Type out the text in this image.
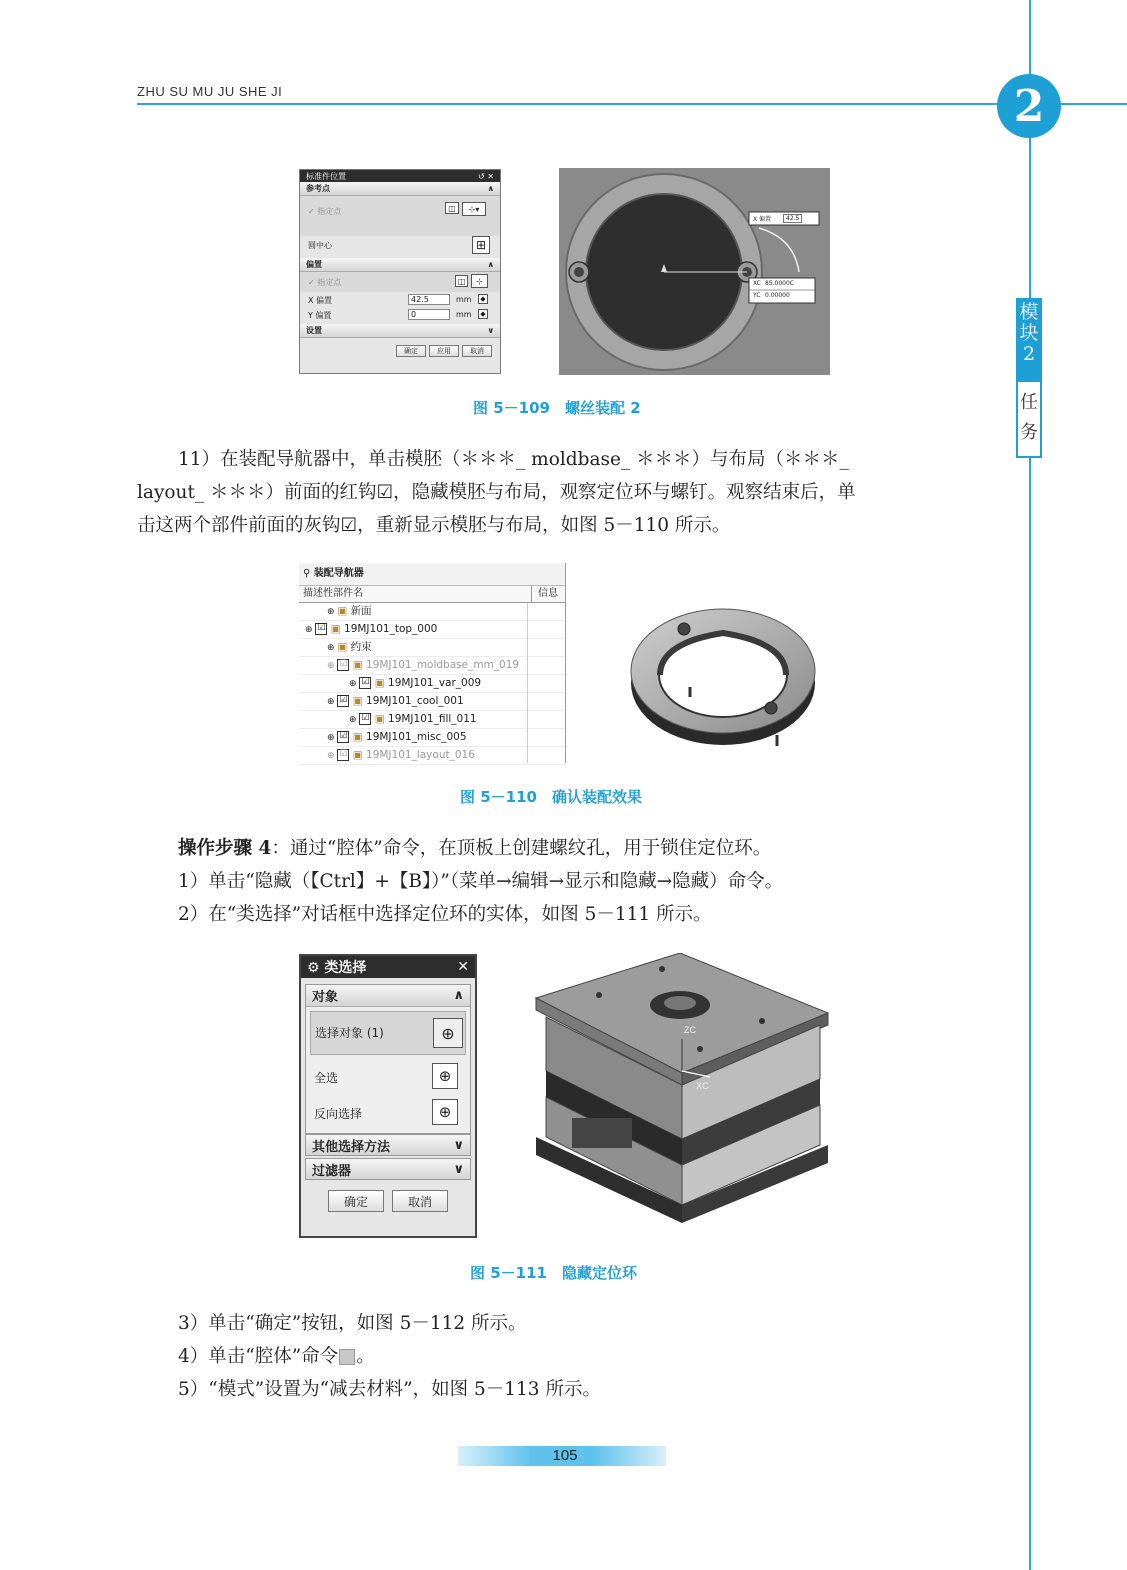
ZHU SU MU JU SHE JI	2
模
块
2
任
务
标准件位置	↺ ✕
参考点	∧
✓ 指定点	◫	⊹▾
圆中心	⊞
偏置	∧
✓ 指定点	◫	⊹
X 偏置	42.5	mm	◆
Y 偏置	0	mm	◆
设置	∨
确定	应用	取消
X 偏置	42.5
XC 85.0000C
YC 0.00000
图 5－109　螺丝装配 2
11）在装配导航器中，单击模胚（＊＊＊_ moldbase_ ＊＊＊）与布局（＊＊＊_
layout_ ＊＊＊）前面的红钩☑，隐藏模胚与布局，观察定位环与螺钉。观察结束后，单
击这两个部件前面的灰钩☑，重新显示模胚与布局，如图 5－110 所示。
⚲ 装配导航器
描述性部件名	信息
⊕ ▣ 新面
⊕ ☑ ▣ 19MJ101_top_000
⊕ ▣ 约束
⊕ ☑ ▣ 19MJ101_moldbase_mm_019
⊕ ☑ ▣ 19MJ101_var_009
⊕ ☑ ▣ 19MJ101_cool_001
⊕ ☑ ▣ 19MJ101_fill_011
⊕ ☑ ▣ 19MJ101_misc_005
⊕ ☑ ▣ 19MJ101_layout_016
图 5－110　确认装配效果
操作步骤 4：通过“腔体”命令，在顶板上创建螺纹孔，用于锁住定位环。
1）单击“隐藏（【Ctrl】+【B】）”（菜单→编辑→显示和隐藏→隐藏）命令。
2）在“类选择”对话框中选择定位环的实体，如图 5－111 所示。
⚙ 类选择	✕
对象	∧
选择对象 (1)	⊕
全选	⊕
反向选择	⊕
其他选择方法	∨
过滤器	∨
确定	取消
ZC
XC
图 5－111　隐藏定位环
3）单击“确定”按钮，如图 5－112 所示。
4）单击“腔体”命令 。
5）“模式”设置为“减去材料”，如图 5－113 所示。
105
